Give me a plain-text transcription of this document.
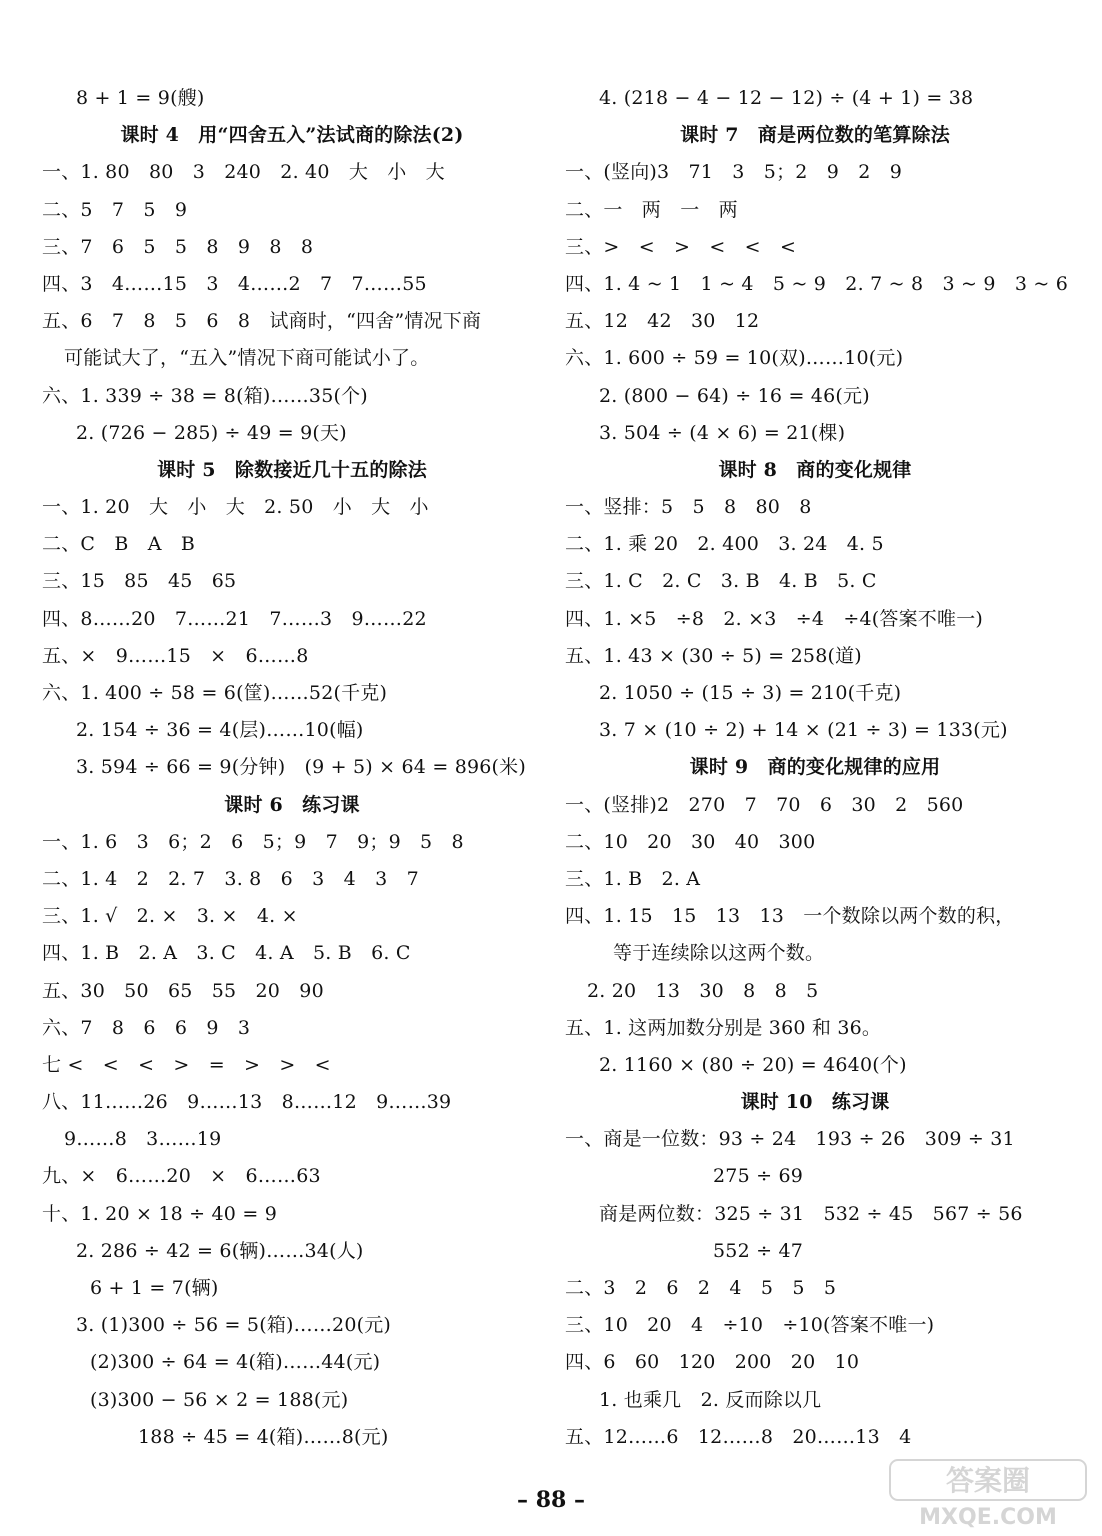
8 + 1 = 9(艘)
课时 4　用“四舍五入”法试商的除法(2)
一、1. 80　80　3　240　2. 40　大　小　大
二、5　7　5　9
三、7　6　5　5　8　9　8　8
四、3　4……15　3　4……2　7　7……55
五、6　7　8　5　6　8　试商时，“四舍”情况下商
可能试大了，“五入”情况下商可能试小了。
六、1. 339 ÷ 38 = 8(箱)……35(个)
2. (726 − 285) ÷ 49 = 9(天)
课时 5　除数接近几十五的除法
一、1. 20　大　小　大　2. 50　小　大　小
二、C　B　A　B
三、15　85　45　65
四、8……20　7……21　7……3　9……22
五、×　9……15　×　6……8
六、1. 400 ÷ 58 = 6(筐)……52(千克)
2. 154 ÷ 36 = 4(层)……10(幅)
3. 594 ÷ 66 = 9(分钟)　(9 + 5) × 64 = 896(米)
课时 6　练习课
一、1. 6　3　6；2　6　5；9　7　9；9　5　8
二、1. 4　2　2. 7　3. 8　6　3　4　3　7
三、1. √　2. ×　3. ×　4. ×
四、1. B　2. A　3. C　4. A　5. B　6. C
五、30　50　65　55　20　90
六、7　8　6　6　9　3
七 <　<　<　>　=　>　>　<
八、11……26　9……13　8……12　9……39
9……8　3……19
九、×　6……20　×　6……63
十、1. 20 × 18 ÷ 40 = 9
2. 286 ÷ 42 = 6(辆)……34(人)
6 + 1 = 7(辆)
3. (1)300 ÷ 56 = 5(箱)……20(元)
(2)300 ÷ 64 = 4(箱)……44(元)
(3)300 − 56 × 2 = 188(元)
188 ÷ 45 = 4(箱)……8(元)
4. (218 − 4 − 12 − 12) ÷ (4 + 1) = 38
课时 7　商是两位数的笔算除法
一、(竖向)3　71　3　5；2　9　2　9
二、一　两　一　两
三、>　<　>　<　<　<
四、1. 4 ~ 1　1 ~ 4　5 ~ 9　2. 7 ~ 8　3 ~ 9　3 ~ 6
五、12　42　30　12
六、1. 600 ÷ 59 = 10(双)……10(元)
2. (800 − 64) ÷ 16 = 46(元)
3. 504 ÷ (4 × 6) = 21(棵)
课时 8　商的变化规律
一、竖排：5　5　8　80　8
二、1. 乘 20　2. 400　3. 24　4. 5
三、1. C　2. C　3. B　4. B　5. C
四、1. ×5　÷8　2. ×3　÷4　÷4(答案不唯一)
五、1. 43 × (30 ÷ 5) = 258(道)
2. 1050 ÷ (15 ÷ 3) = 210(千克)
3. 7 × (10 ÷ 2) + 14 × (21 ÷ 3) = 133(元)
课时 9　商的变化规律的应用
一、(竖排)2　270　7　70　6　30　2　560
二、10　20　30　40　300
三、1. B　2. A
四、1. 15　15　13　13　一个数除以两个数的积，
等于连续除以这两个数。
2. 20　13　30　8　8　5
五、1. 这两加数分别是 360 和 36。
2. 1160 × (80 ÷ 20) = 4640(个)
课时 10　练习课
一、商是一位数：93 ÷ 24　193 ÷ 26　309 ÷ 31
275 ÷ 69
商是两位数：325 ÷ 31　532 ÷ 45　567 ÷ 56
552 ÷ 47
二、3　2　6　2　4　5　5　5
三、10　20　4　÷10　÷10(答案不唯一)
四、6　60　120　200　20　10
1. 也乘几　2. 反而除以几
五、12……6　12……8　20……13　4
– 88 –
答案圈
MXQE.COM
